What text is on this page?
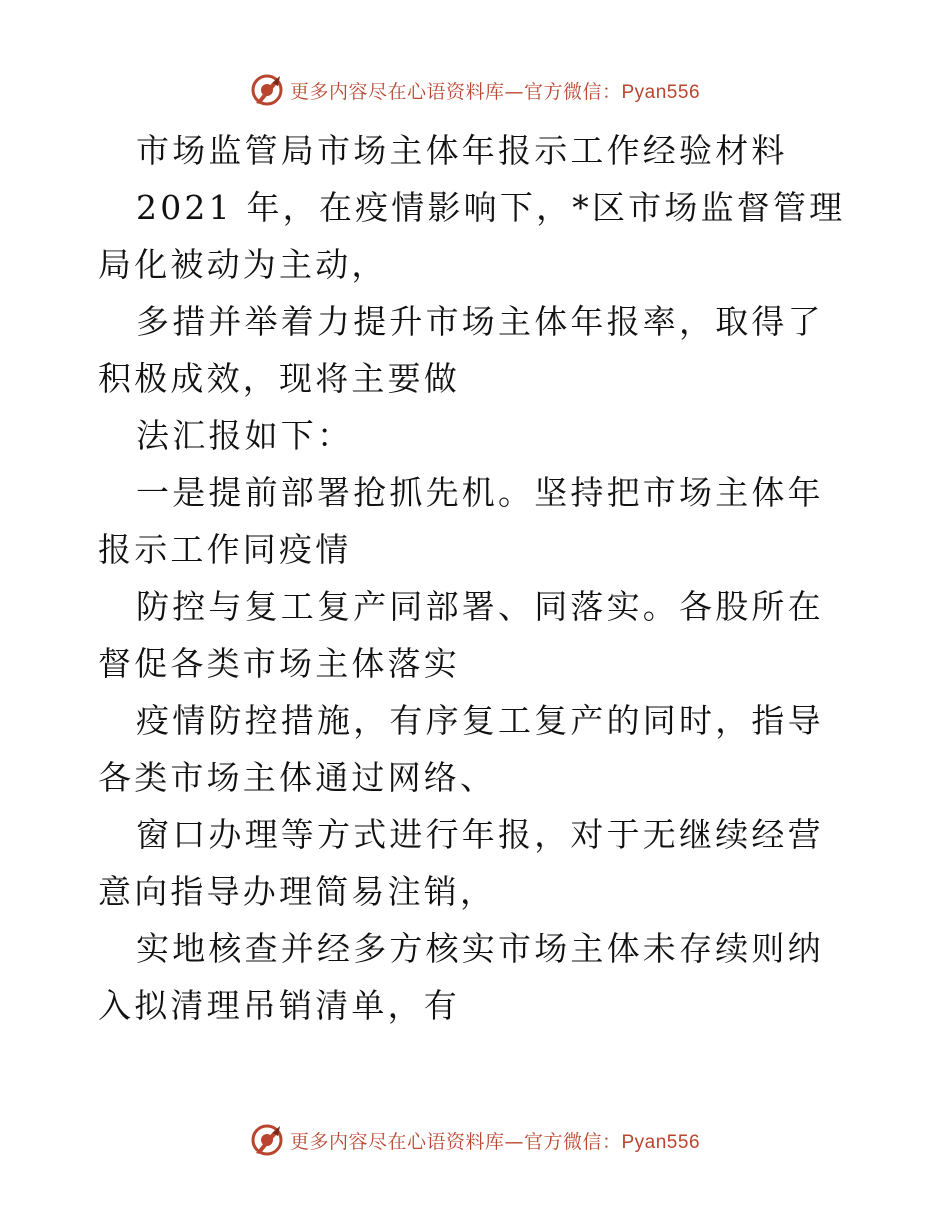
更多内容尽在心语资料库—官方微信：Pyan556

市场监管局市场主体年报示工作经验材料

2021 年，在疫情影响下，*区市场监督管理局化被动为主动，

多措并举着力提升市场主体年报率，取得了积极成效，现将主要做

法汇报如下：

一是提前部署抢抓先机。坚持把市场主体年报示工作同疫情

防控与复工复产同部署、同落实。各股所在督促各类市场主体落实

疫情防控措施，有序复工复产的同时，指导各类市场主体通过网络、

窗口办理等方式进行年报，对于无继续经营意向指导办理简易注销，

实地核查并经多方核实市场主体未存续则纳入拟清理吊销清单，有

更多内容尽在心语资料库—官方微信：Pyan556
